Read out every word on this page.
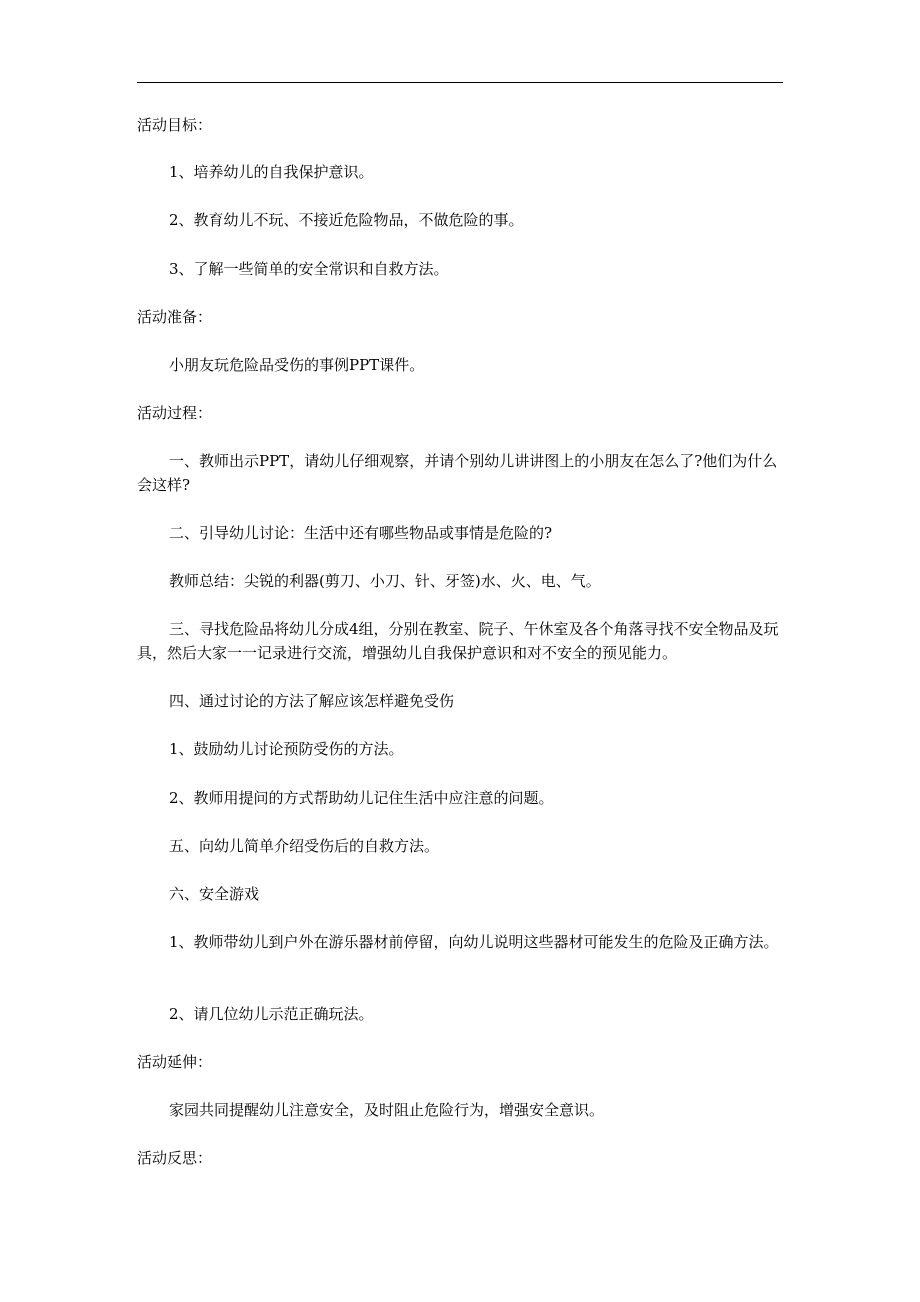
活动目标：
1、培养幼儿的自我保护意识。
2、教育幼儿不玩、不接近危险物品，不做危险的事。
3、了解一些简单的安全常识和自救方法。
活动准备：
小朋友玩危险品受伤的事例PPT课件。
活动过程：
一、教师出示PPT，请幼儿仔细观察，并请个别幼儿讲讲图上的小朋友在怎么了?他们为什么会这样?
二、引导幼儿讨论：生活中还有哪些物品或事情是危险的?
教师总结：尖锐的利器(剪刀、小刀、针、牙签)水、火、电、气。
三、寻找危险品将幼儿分成4组，分别在教室、院子、午休室及各个角落寻找不安全物品及玩具，然后大家一一记录进行交流，增强幼儿自我保护意识和对不安全的预见能力。
四、通过讨论的方法了解应该怎样避免受伤
1、鼓励幼儿讨论预防受伤的方法。
2、教师用提问的方式帮助幼儿记住生活中应注意的问题。
五、向幼儿简单介绍受伤后的自救方法。
六、安全游戏
1、教师带幼儿到户外在游乐器材前停留，向幼儿说明这些器材可能发生的危险及正确方法。
2、请几位幼儿示范正确玩法。
活动延伸：
家园共同提醒幼儿注意安全，及时阻止危险行为，增强安全意识。
活动反思：
